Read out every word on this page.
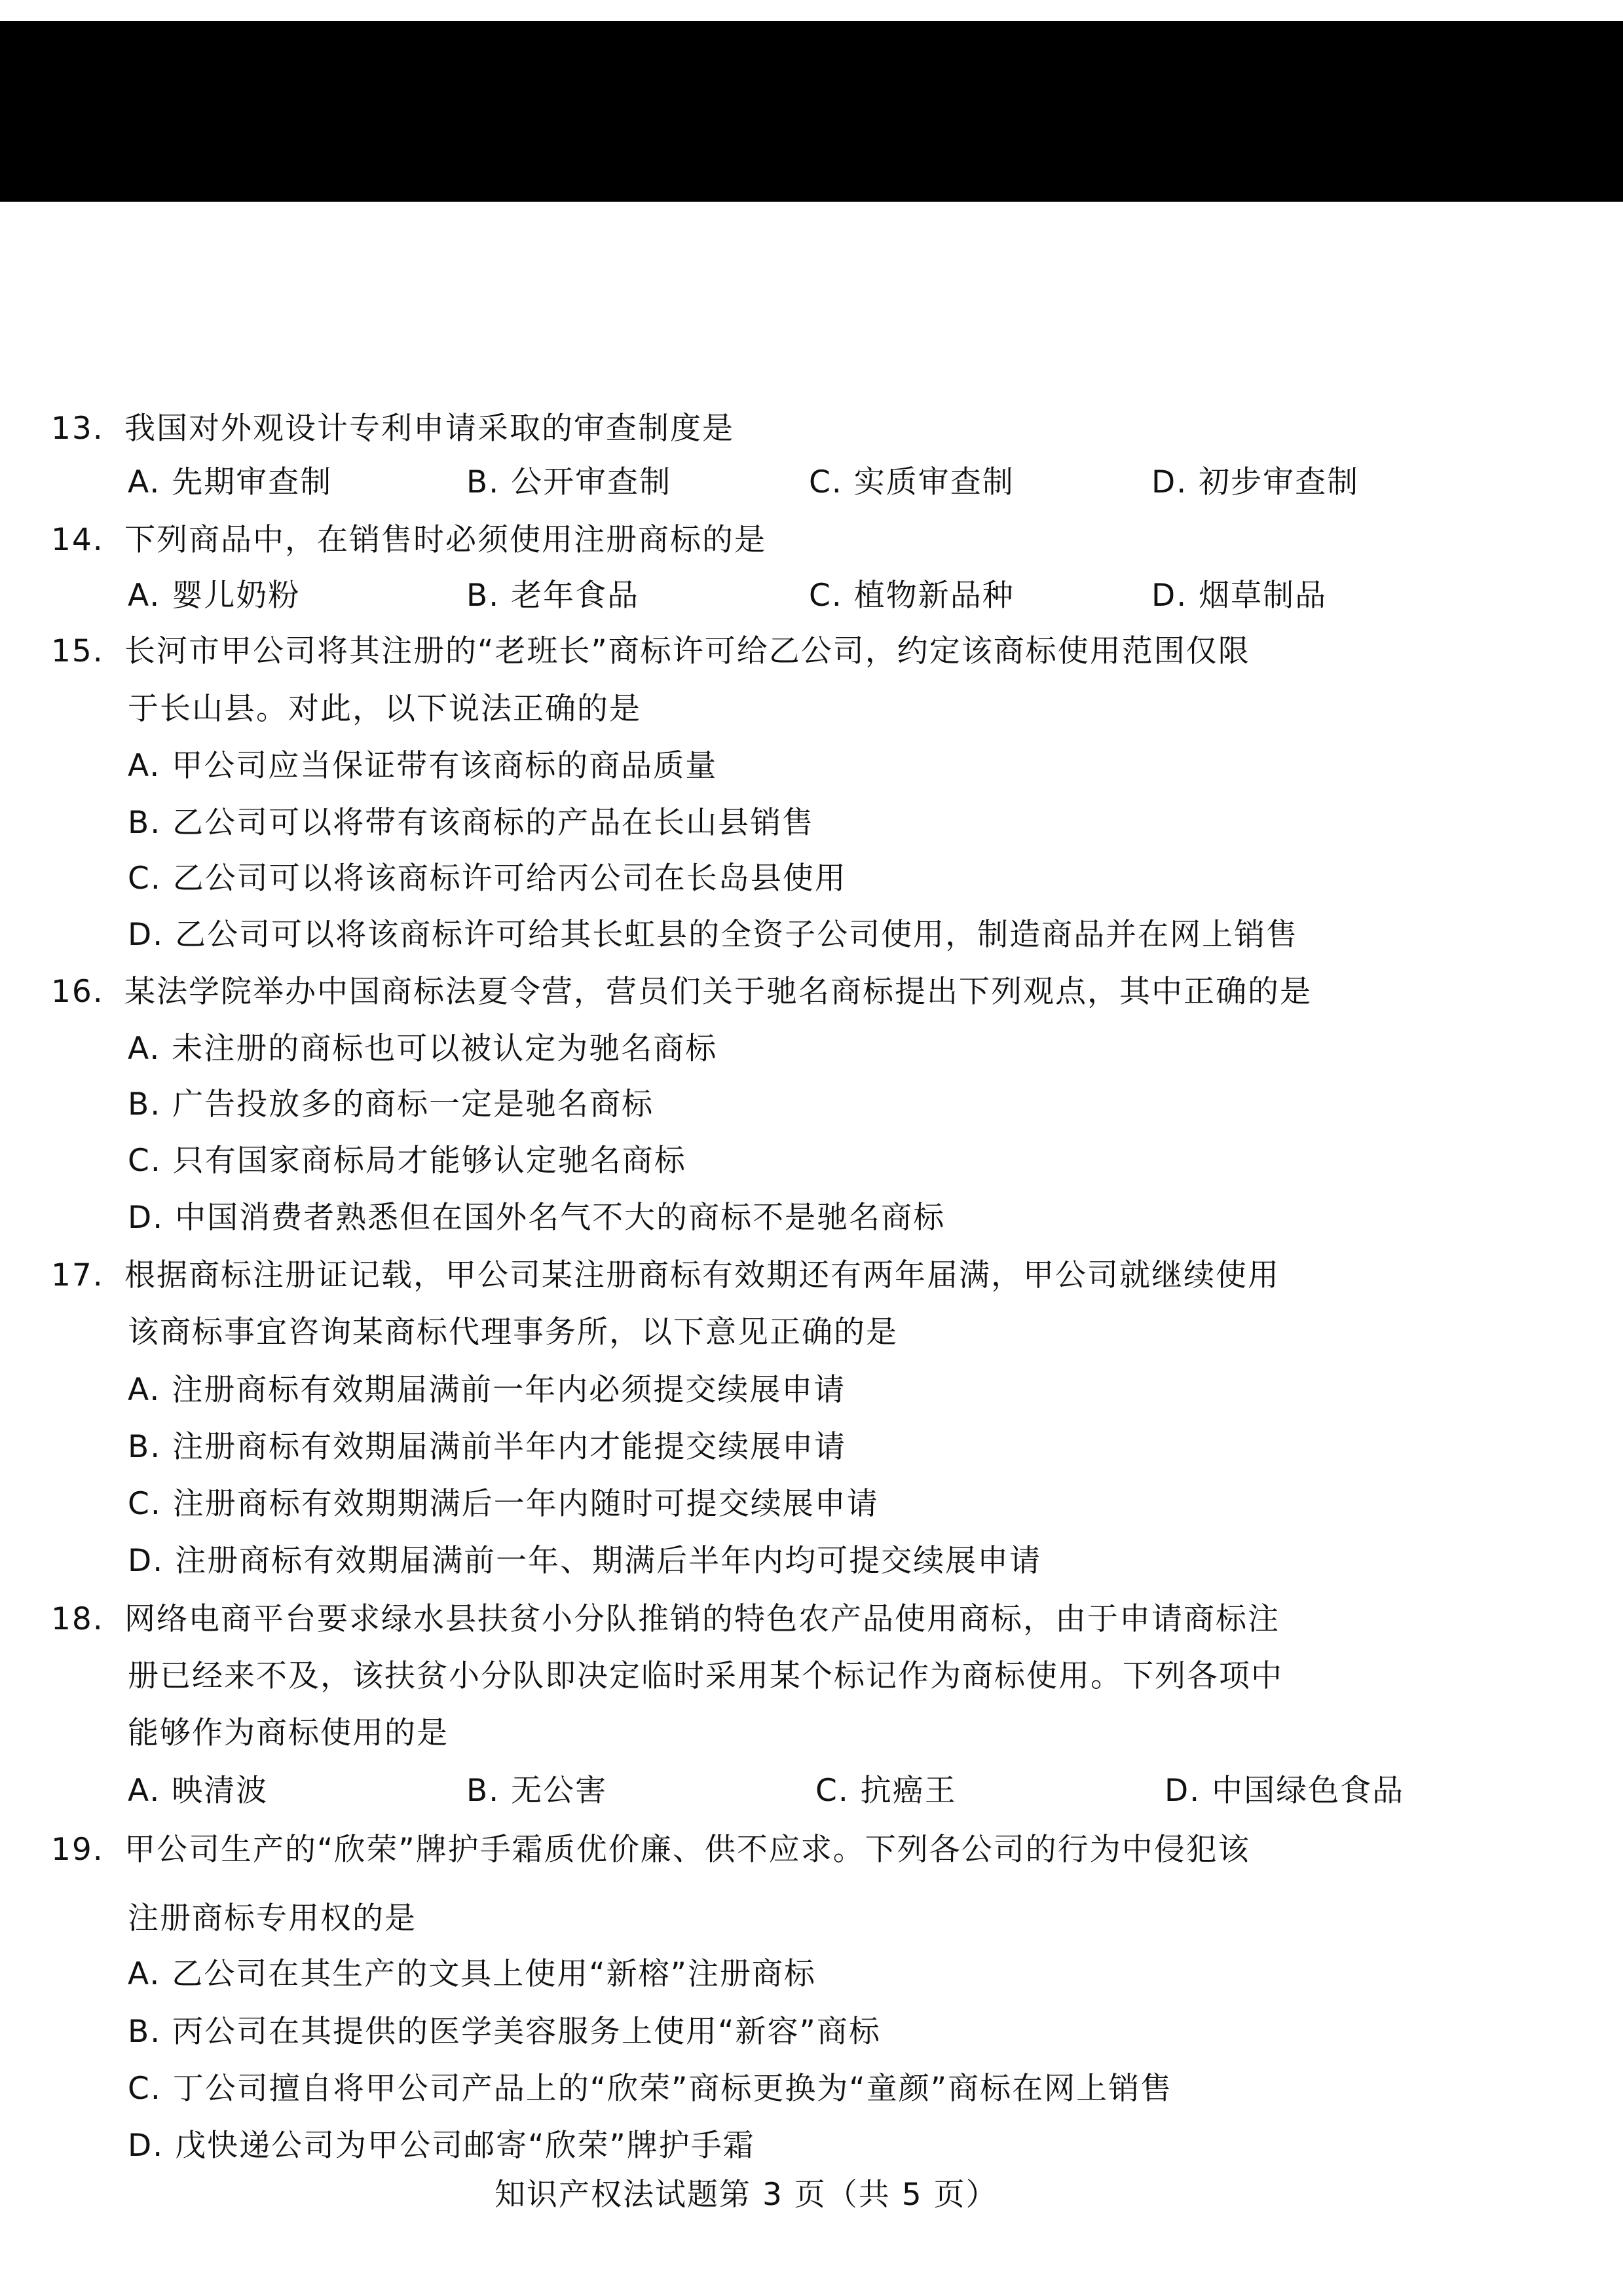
13. 我国对外观设计专利申请采取的审查制度是
A. 先期审查制	B. 公开审查制	C. 实质审查制	D. 初步审查制
14. 下列商品中，在销售时必须使用注册商标的是
A. 婴儿奶粉	B. 老年食品	C. 植物新品种	D. 烟草制品
15. 长河市甲公司将其注册的“老班长”商标许可给乙公司，约定该商标使用范围仅限
于长山县。对此，以下说法正确的是
A. 甲公司应当保证带有该商标的商品质量
B. 乙公司可以将带有该商标的产品在长山县销售
C. 乙公司可以将该商标许可给丙公司在长岛县使用
D. 乙公司可以将该商标许可给其长虹县的全资子公司使用，制造商品并在网上销售
16. 某法学院举办中国商标法夏令营，营员们关于驰名商标提出下列观点，其中正确的是
A. 未注册的商标也可以被认定为驰名商标
B. 广告投放多的商标一定是驰名商标
C. 只有国家商标局才能够认定驰名商标
D. 中国消费者熟悉但在国外名气不大的商标不是驰名商标
17. 根据商标注册证记载，甲公司某注册商标有效期还有两年届满，甲公司就继续使用
该商标事宜咨询某商标代理事务所，以下意见正确的是
A. 注册商标有效期届满前一年内必须提交续展申请
B. 注册商标有效期届满前半年内才能提交续展申请
C. 注册商标有效期期满后一年内随时可提交续展申请
D. 注册商标有效期届满前一年、期满后半年内均可提交续展申请
18. 网络电商平台要求绿水县扶贫小分队推销的特色农产品使用商标，由于申请商标注
册已经来不及，该扶贫小分队即决定临时采用某个标记作为商标使用。下列各项中
能够作为商标使用的是
A. 映清波	B. 无公害	C. 抗癌王	D. 中国绿色食品
19. 甲公司生产的“欣荣”牌护手霜质优价廉、供不应求。下列各公司的行为中侵犯该
注册商标专用权的是
A. 乙公司在其生产的文具上使用“新榕”注册商标
B. 丙公司在其提供的医学美容服务上使用“新容”商标
C. 丁公司擅自将甲公司产品上的“欣荣”商标更换为“童颜”商标在网上销售
D. 戊快递公司为甲公司邮寄“欣荣”牌护手霜
知识产权法试题第 3 页（共 5 页）
